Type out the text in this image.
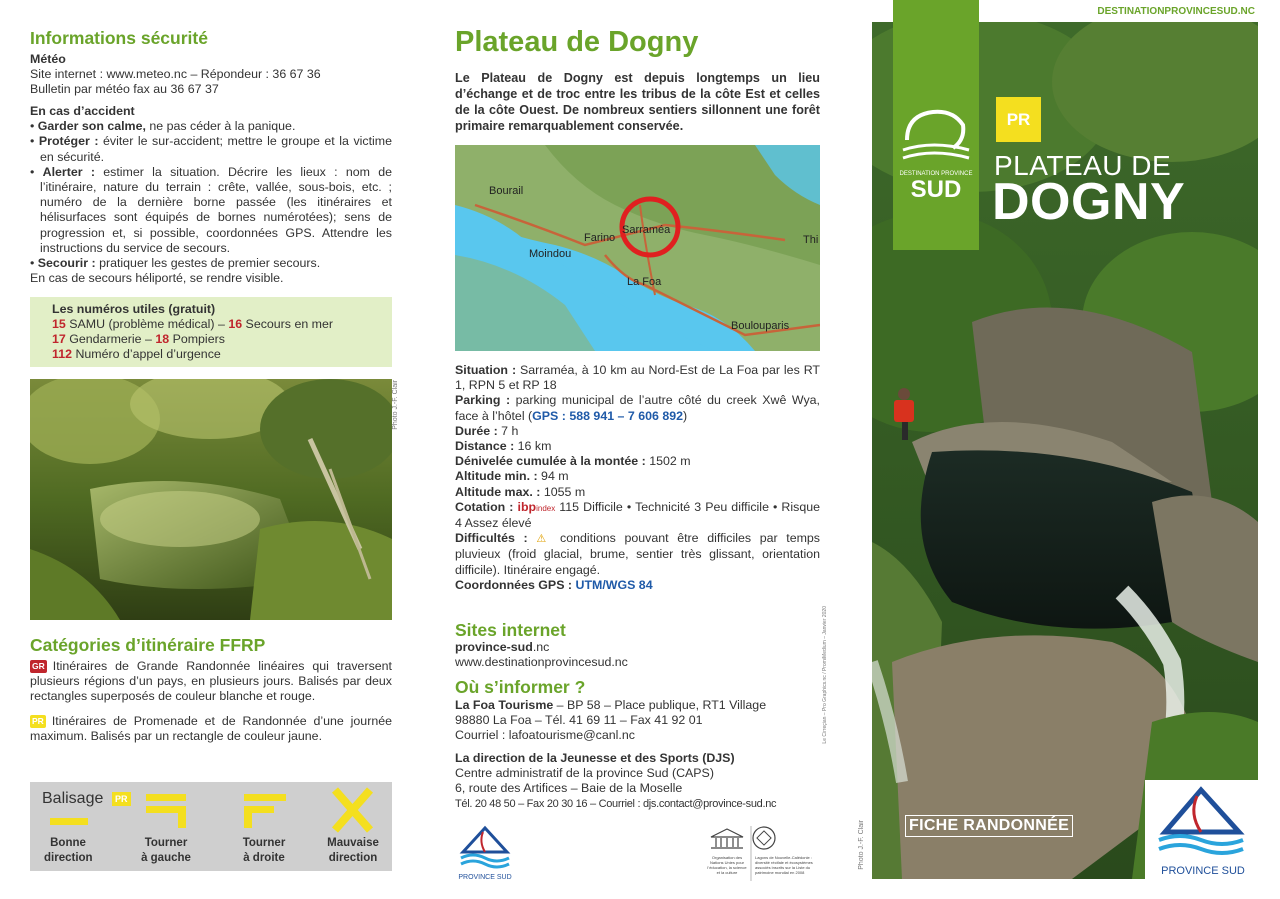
Informations sécurité
Météo
Site internet : www.meteo.nc – Répondeur : 36 67 36
Bulletin par météo fax au 36 67 37
En cas d’accident
• Garder son calme, ne pas céder à la panique.
• Protéger : éviter le sur-accident; mettre le groupe et la victime en sécurité.
• Alerter : estimer la situation. Décrire les lieux : nom de l’itinéraire, nature du terrain : crête, vallée, sous-bois, etc. ; numéro de la dernière borne passée (les itinéraires et hélisurfaces sont équipés de bornes numérotées); sens de progression et, si possible, coordonnées GPS. Attendre les instructions du service de secours.
• Secourir : pratiquer les gestes de premier secours.
En cas de secours héliporté, se rendre visible.
Les numéros utiles (gratuit)
15 SAMU (problème médical) – 16 Secours en mer
17 Gendarmerie – 18 Pompiers
112 Numéro d’appel d’urgence
Photo J.-F. Clair
Catégories d’itinéraire FFRP
GR Itinéraires de Grande Randonnée linéaires qui traversent plusieurs régions d’un pays, en plusieurs jours. Balisés par deux rectangles superposés de couleur blanche et rouge.
PR Itinéraires de Promenade et de Randonnée d’une journée maximum. Balisés par un rectangle de couleur jaune.
Balisage	PR
Bonne
direction
Tourner
à gauche
Tourner
à droite
Mauvaise
direction
Plateau de Dogny

Le Plateau de Dogny est depuis longtemps un lieu d’échange et de troc entre les tribus de la côte Est et celles de la côte Ouest. De nombreux sentiers sillonnent une forêt primaire remarquablement conservée.

Bourail
Farino
Sarraméa
Moindou
La Foa
Boulouparis
Thi

Situation : Sarraméa, à 10 km au Nord-Est de La Foa par les RT 1, RPN 5 et RP 18

Parking : parking municipal de l’autre côté du creek Xwê Wya, face à l’hôtel (GPS : 588 941 – 7 606 892)

Durée : 7 h

Distance : 16 km

Dénivelée cumulée à la montée : 1502 m

Altitude min. : 94 m

Altitude max. : 1055 m

Cotation : ibpindex 115 Difficile • Technicité 3 Peu difficile • Risque 4 Assez élevé

Difficultés : ⚠ conditions pouvant être difficiles par temps pluvieux (froid glacial, brume, sentier très glissant, orientation difficile). Itinéraire engagé.

Coordonnées GPS : UTM/WGS 84

Sites internet
province-sud.nc
www.destinationprovincesud.nc
Où s’informer ?
La Foa Tourisme – BP 58 – Place publique, RT1 Village
98880 La Foa – Tél. 41 69 11 – Fax 41 92 01
Courriel : lafoatourisme@canl.nc
La direction de la Jeunesse et des Sports (DJS)
Centre administratif de la province Sud (CAPS)
6, route des Artifices – Baie de la Moselle
Tél. 20 48 50 – Fax 20 30 16 – Courriel : djs.contact@province-sud.nc
PROVINCE SUD
Organisation des Nations Unies pour l’éducation, la science et la culture
Lagons de Nouvelle-Calédonie : diversité récifale et écosystèmes associés inscrits sur la Liste du patrimoine mondial en 2008
Le Cirreçian – Pro Graphics.nc / PromiMedium – Janvier 2020
DESTINATIONPROVINCESUD.NC
DESTINATION PROVINCE
SUD
PR
PLATEAU DE
DOGNY
FICHE RANDONNÉE
PROVINCE SUD
Photo J.-F. Clair
